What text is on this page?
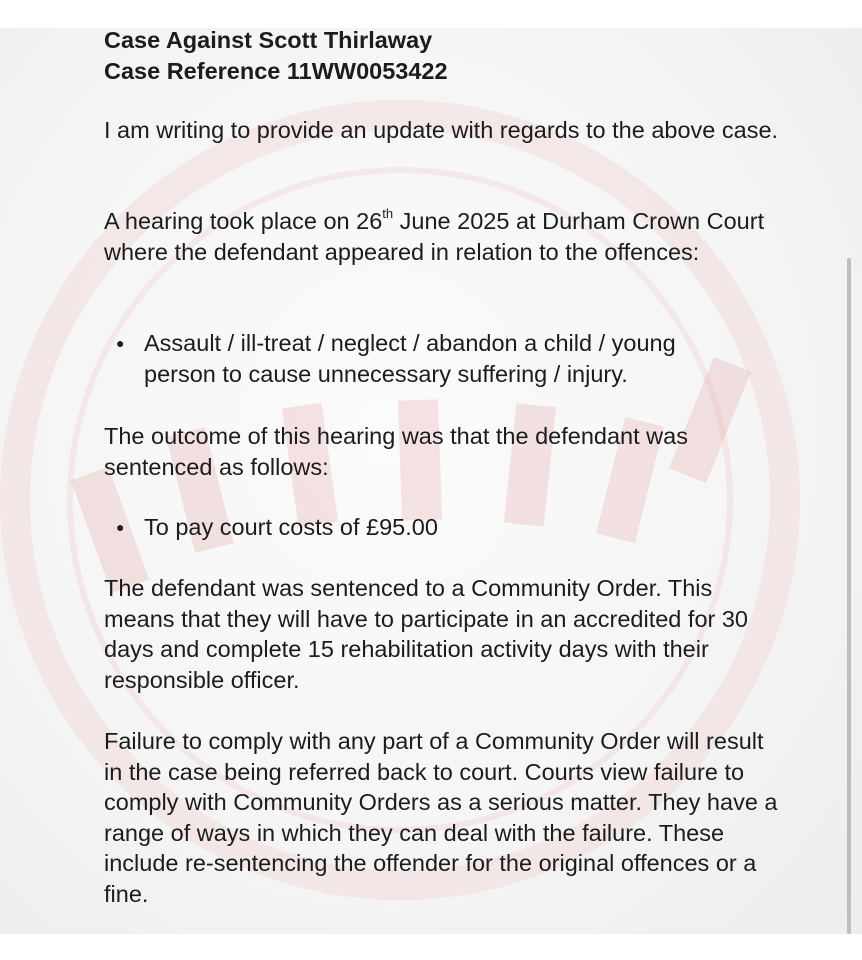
Case Against Scott Thirlaway

Case Reference 11WW0053422

I am writing to provide an update with regards to the above case.

A hearing took place on 26th June 2025 at Durham Crown Court where the defendant appeared in relation to the offences:

● Assault / ill-treat / neglect / abandon a child / young
person to cause unnecessary suffering / injury.

The outcome of this hearing was that the defendant was sentenced as follows:

● To pay court costs of £95.00

The defendant was sentenced to a Community Order. This means that they will have to participate in an accredited for 30 days and complete 15 rehabilitation activity days with their responsible officer.

Failure to comply with any part of a Community Order will result in the case being referred back to court. Courts view failure to comply with Community Orders as a serious matter. They have a range of ways in which they can deal with the failure. These include re-sentencing the offender for the original offences or a fine.
